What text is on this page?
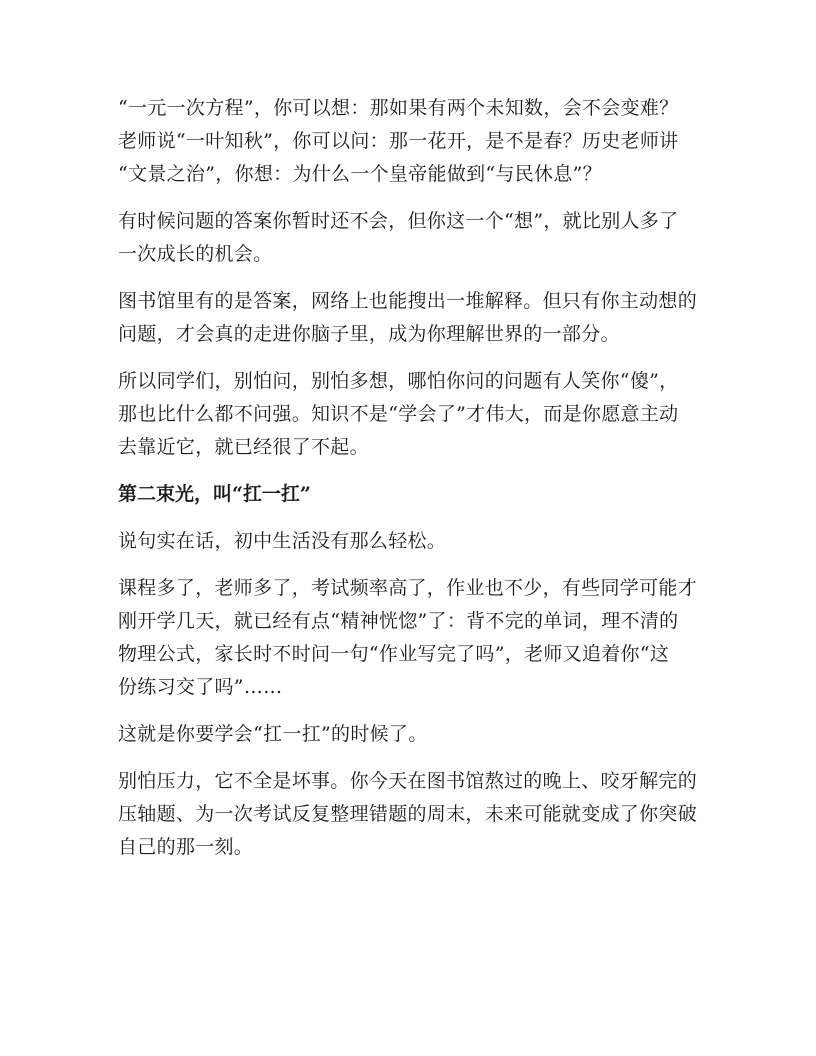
“一元一次方程”，你可以想：那如果有两个未知数，会不会变难？
老师说“一叶知秋”，你可以问：那一花开，是不是春？历史老师讲
“文景之治”，你想：为什么一个皇帝能做到“与民休息”？

有时候问题的答案你暂时还不会，但你这一个“想”，就比别人多了
一次成长的机会。

图书馆里有的是答案，网络上也能搜出一堆解释。但只有你主动想的
问题，才会真的走进你脑子里，成为你理解世界的一部分。

所以同学们，别怕问，别怕多想，哪怕你问的问题有人笑你“傻”，
那也比什么都不问强。知识不是“学会了”才伟大，而是你愿意主动
去靠近它，就已经很了不起。

第二束光，叫“扛一扛”

说句实在话，初中生活没有那么轻松。

课程多了，老师多了，考试频率高了，作业也不少，有些同学可能才
刚开学几天，就已经有点“精神恍惚”了：背不完的单词，理不清的
物理公式，家长时不时问一句“作业写完了吗”，老师又追着你“这
份练习交了吗”……

这就是你要学会“扛一扛”的时候了。

别怕压力，它不全是坏事。你今天在图书馆熬过的晚上、咬牙解完的
压轴题、为一次考试反复整理错题的周末，未来可能就变成了你突破
自己的那一刻。
